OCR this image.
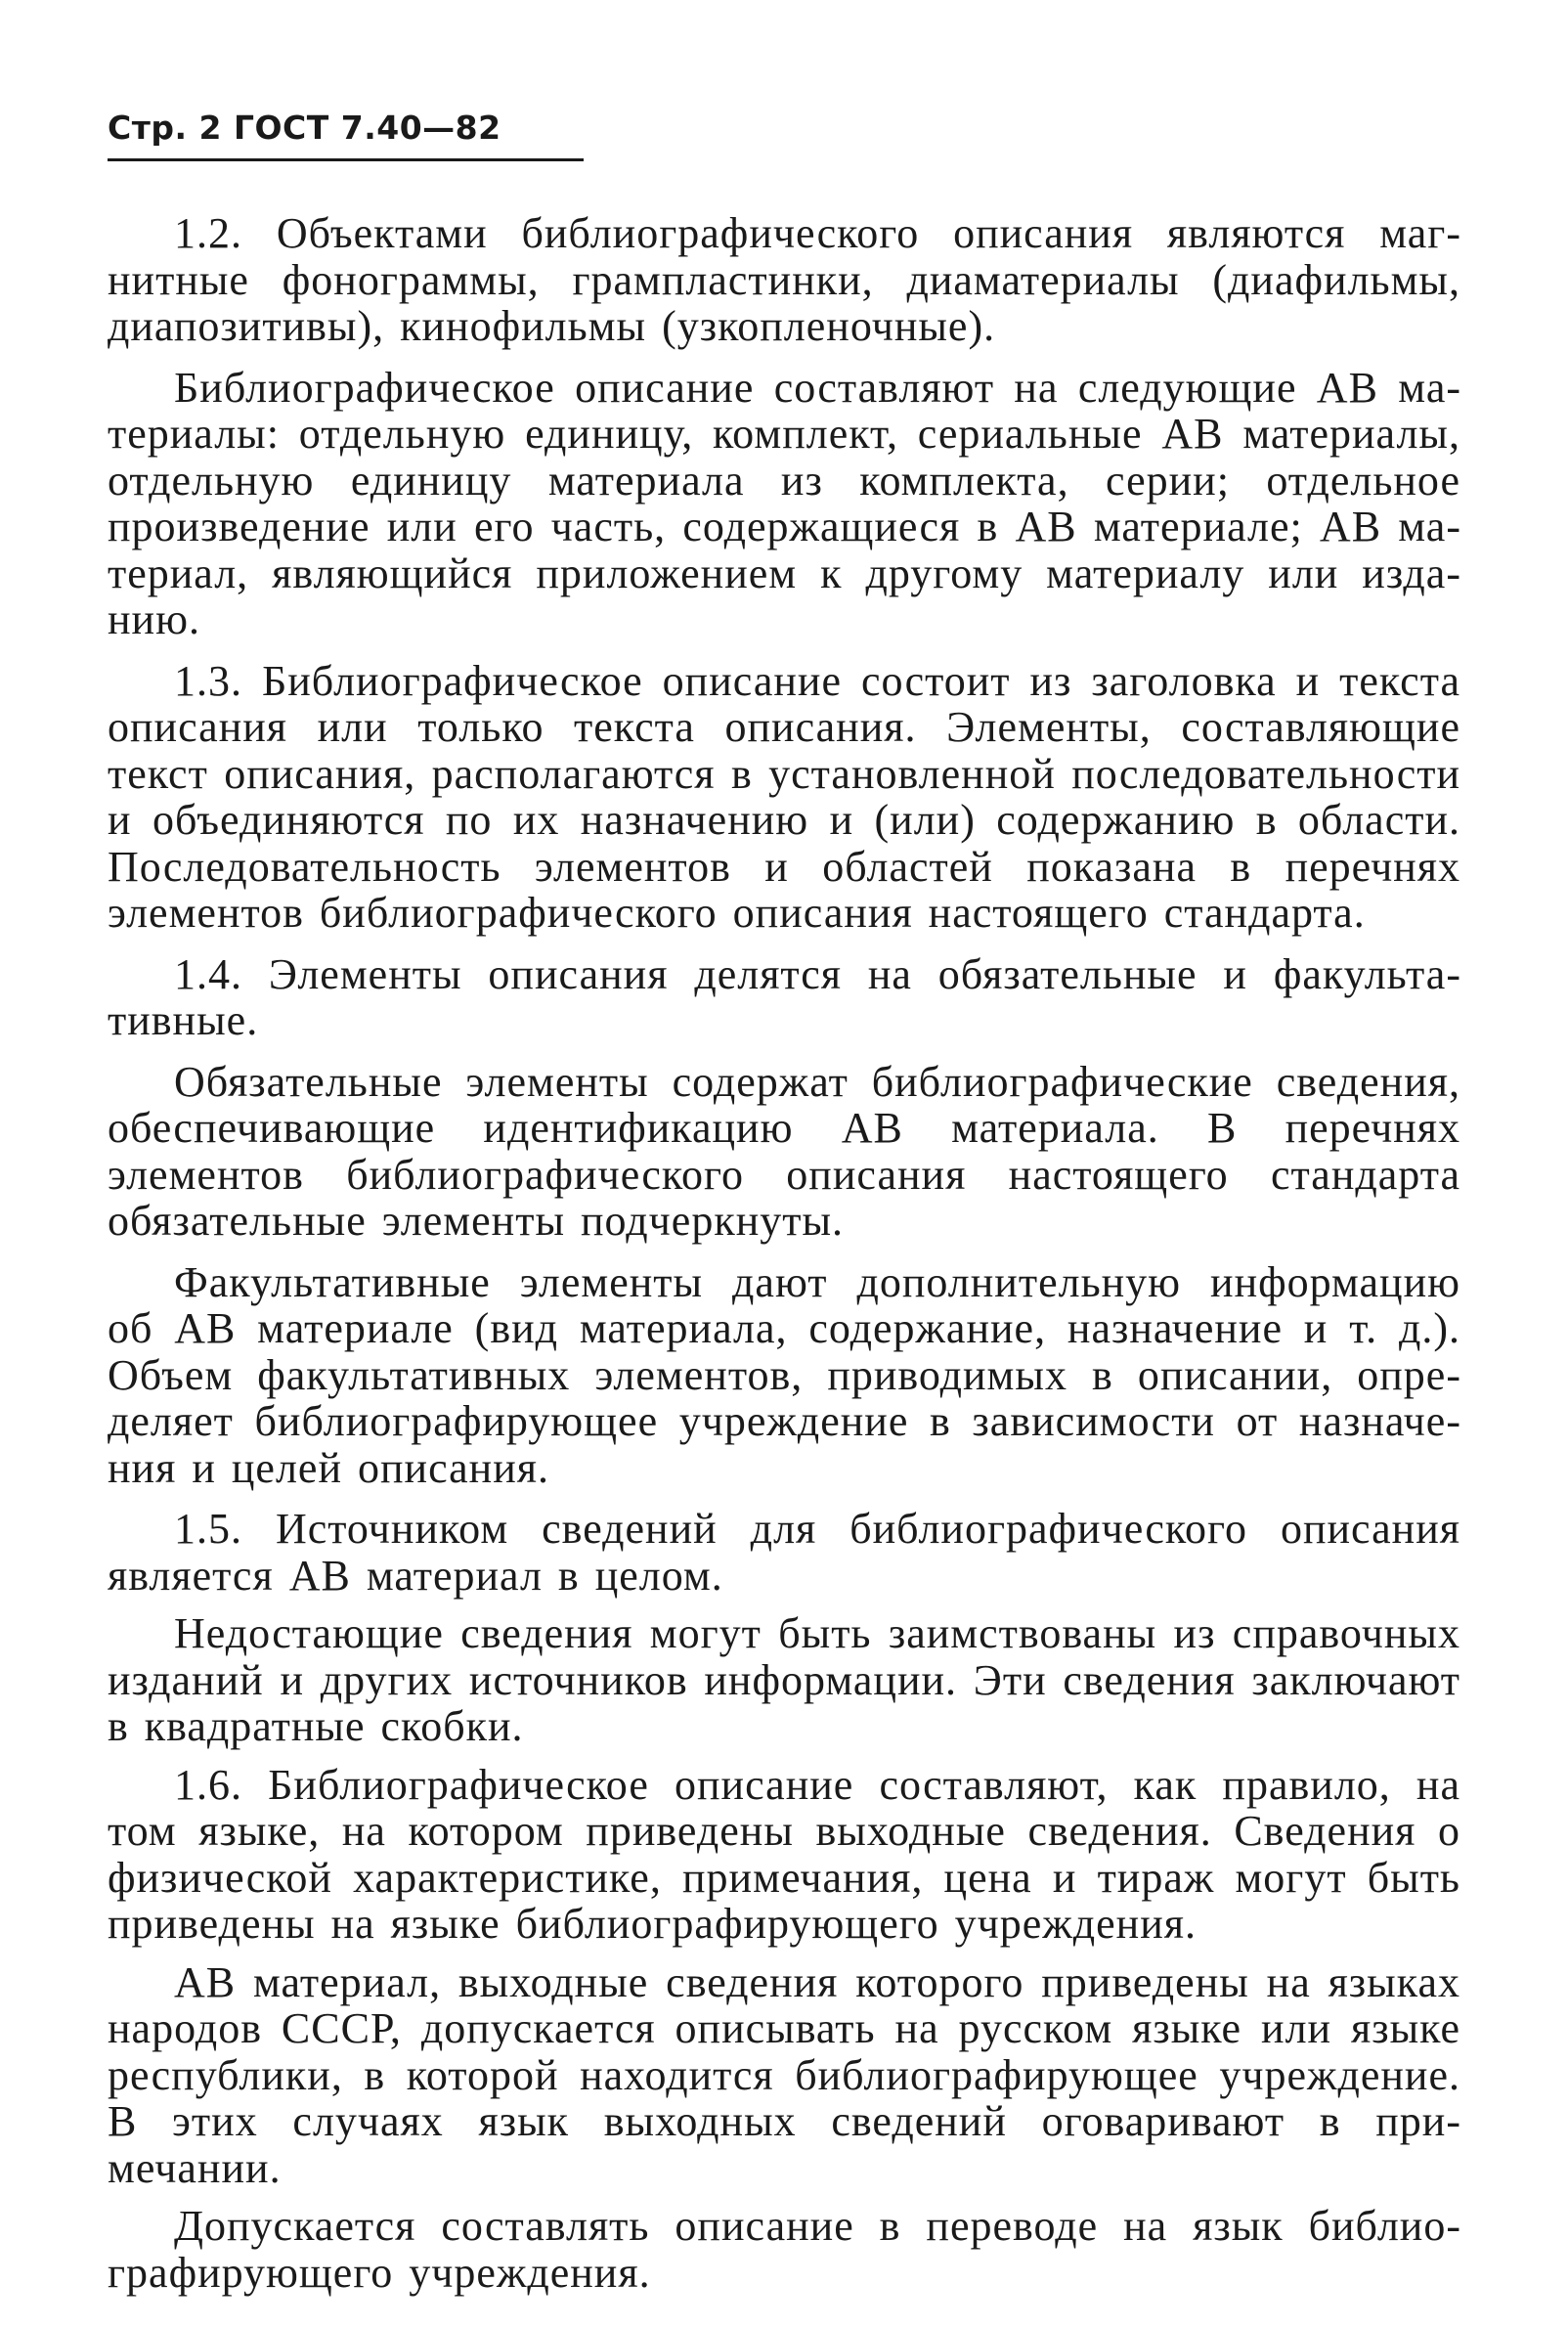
Стр. 2 ГОСТ 7.40—82

1.2. Объектами библиографического описания являются магнитные фонограммы, грампластинки, диаматериалы (диафильмы, диапозитивы), кинофильмы (узкопленочные).

Библиографическое описание составляют на следующие АВ материалы: отдельную единицу, комплект, сериальные АВ материалы, отдельную единицу материала из комплекта, серии; отдельное произведение или его часть, содержащиеся в АВ материале; АВ материал, являющийся приложением к другому материалу или изданию.

1.3. Библиографическое описание состоит из заголовка и текста описания или только текста описания. Элементы, составляющие текст описания, располагаются в установленной последовательности и объединяются по их назначению и (или) содержанию в области. Последовательность элементов и областей показана в перечнях элементов библиографического описания настоящего стандарта.

1.4. Элементы описания делятся на обязательные и факультативные.

Обязательные элементы содержат библиографические сведения, обеспечивающие идентификацию АВ материала. В перечнях элементов библиографического описания настоящего стандарта обязательные элементы подчеркнуты.

Факультативные элементы дают дополнительную информацию об АВ материале (вид материала, содержание, назначение и т. д.). Объем факультативных элементов, приводимых в описании, определяет библиографирующее учреждение в зависимости от назначения и целей описания.

1.5. Источником сведений для библиографического описания является АВ материал в целом.

Недостающие сведения могут быть заимствованы из справочных изданий и других источников информации. Эти сведения заключают в квадратные скобки.

1.6. Библиографическое описание составляют, как правило, на том языке, на котором приведены выходные сведения. Сведения о физической характеристике, примечания, цена и тираж могут быть приведены на языке библиографирующего учреждения.

АВ материал, выходные сведения которого приведены на языках народов СССР, допускается описывать на русском языке или языке республики, в которой находится библиографирующее учреждение. В этих случаях язык выходных сведений оговаривают в примечании.

Допускается составлять описание в переводе на язык библиографирующего учреждения.
